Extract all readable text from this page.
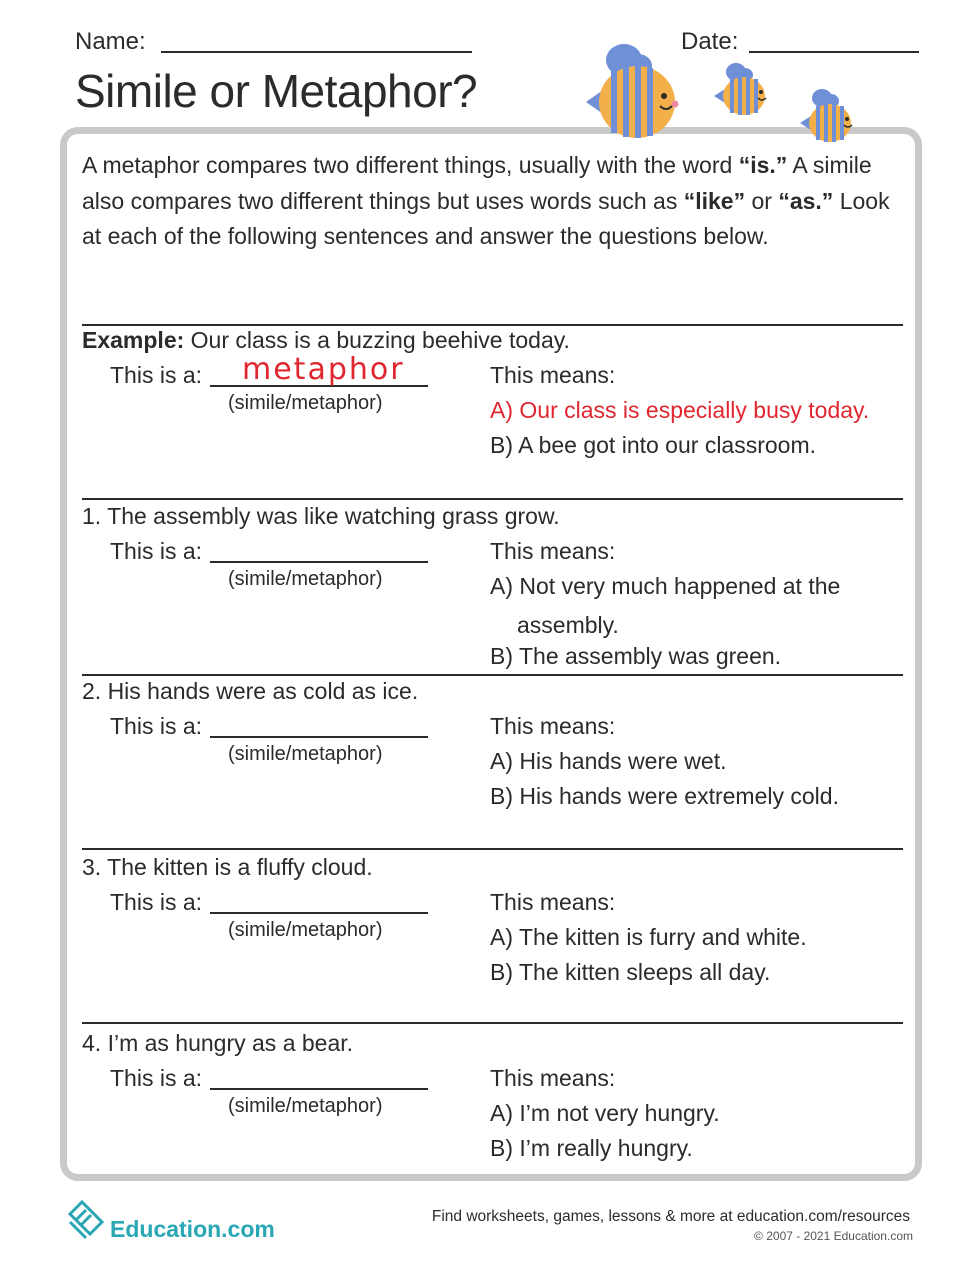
Name:	Date:
Simile or Metaphor?
A metaphor compares two different things, usually with the word “is.” A simile also compares two different things but uses words such as “like” or “as.” Look at each of the following sentences and answer the questions below.
Example: Our class is a buzzing beehive today.
This is a: metaphor
(simile/metaphor)
This means:
A) Our class is especially busy today.
B) A bee got into our classroom.
1. The assembly was like watching grass grow.
This is a:
(simile/metaphor)
This means:
A) Not very much happened at the
assembly.
B) The assembly was green.
2. His hands were as cold as ice.
This is a:
(simile/metaphor)
This means:
A) His hands were wet.
B) His hands were extremely cold.
3. The kitten is a fluffy cloud.
This is a:
(simile/metaphor)
This means:
A) The kitten is furry and white.
B) The kitten sleeps all day.
4. I’m as hungry as a bear.
This is a:
(simile/metaphor)
This means:
A) I’m not very hungry.
B) I’m really hungry.
Education.com	Find worksheets, games, lessons & more at education.com/resources
© 2007 - 2021 Education.com
